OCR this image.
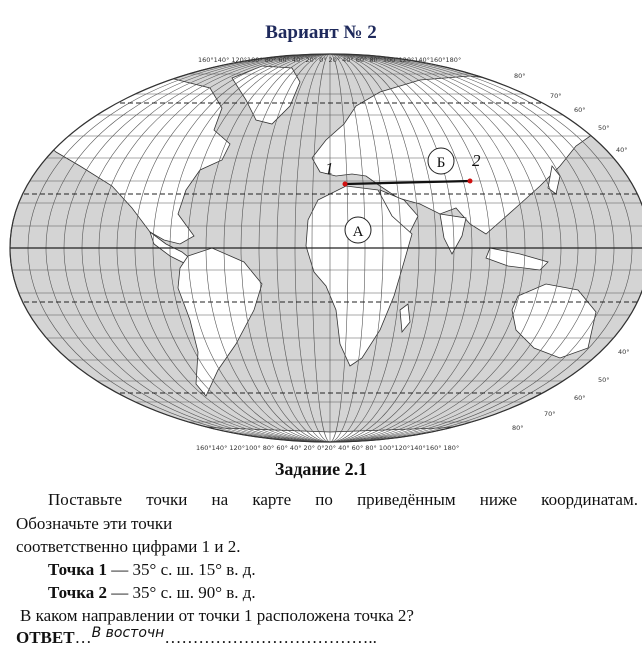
Вариант № 2
160°140° 120°100° 80° 60° 40° 20° 0° 20° 40° 60° 80° 100°120°140°160°180°
160°140° 120°100° 80° 60° 40° 20° 0°20° 40° 60° 80° 100°120°140°160° 180°
80°
70°
60°
50°
40°
40°
50°
60°
70°
80°
А
Б
1	2
Задание 2.1
Поставьте точки на карте по приведённым ниже координатам.
Обозначьте эти точки
соответственно цифрами 1 и 2.
Точка 1 — 35° с. ш. 15° в. д.
Точка 2 — 35° с. ш. 90° в. д.
В каком направлении от точки 1 расположена точка 2?
ОТВЕТ…$^{В восточн}$………………………………..
